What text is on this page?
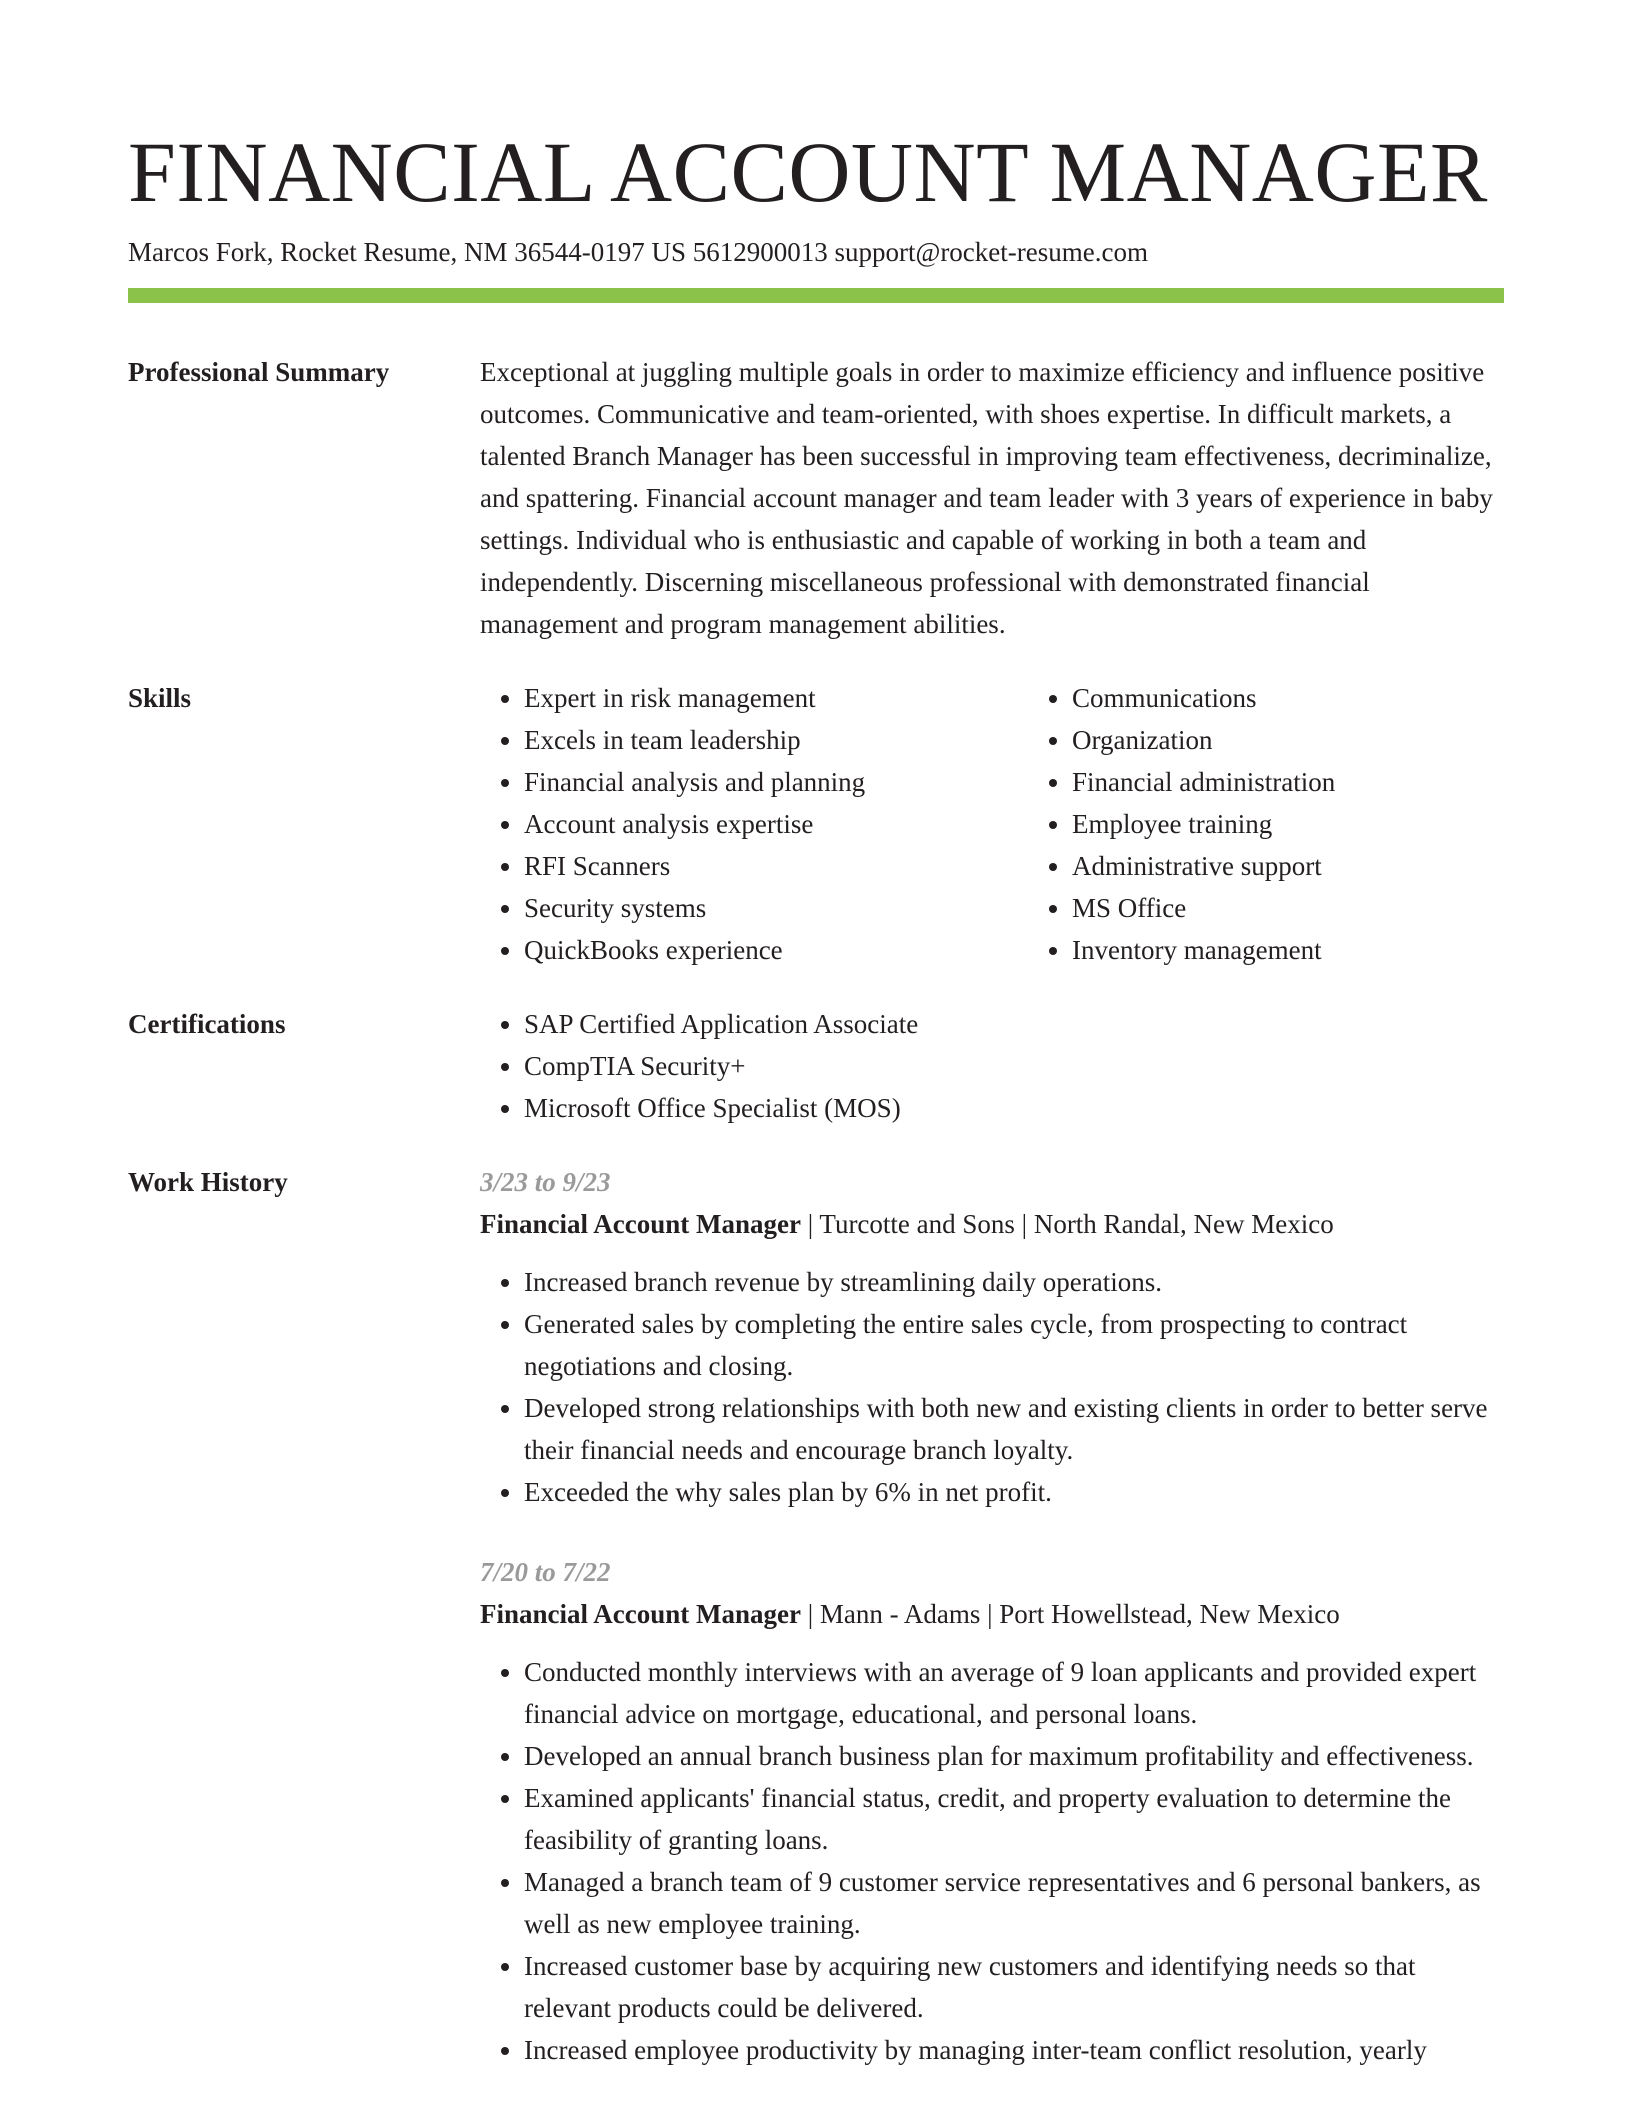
FINANCIAL ACCOUNT MANAGER
Marcos Fork, Rocket Resume, NM 36544-0197 US 5612900013 support@rocket-resume.com
Professional Summary	Exceptional at juggling multiple goals in order to maximize efficiency and influence positive outcomes. Communicative and team-oriented, with shoes expertise. In difficult markets, a talented Branch Manager has been successful in improving team effectiveness, decriminalize, and spattering. Financial account manager and team leader with 3 years of experience in baby settings. Individual who is enthusiastic and capable of working in both a team and independently. Discerning miscellaneous professional with demonstrated financial management and program management abilities.

Skills	• Expert in risk management
• Excels in team leadership
• Financial analysis and planning
• Account analysis expertise
• RFI Scanners
• Security systems
• QuickBooks experience
• Communications
• Organization
• Financial administration
• Employee training
• Administrative support
• MS Office
• Inventory management
Certifications	• SAP Certified Application Associate
• CompTIA Security+
• Microsoft Office Specialist (MOS)
Work History	3/23 to 9/23
Financial Account Manager | Turcotte and Sons | North Randal, New Mexico
• Increased branch revenue by streamlining daily operations.
• Generated sales by completing the entire sales cycle, from prospecting to contract negotiations and closing.
• Developed strong relationships with both new and existing clients in order to better serve their financial needs and encourage branch loyalty.
• Exceeded the why sales plan by 6% in net profit.
7/20 to 7/22
Financial Account Manager | Mann - Adams | Port Howellstead, New Mexico
• Conducted monthly interviews with an average of 9 loan applicants and provided expert financial advice on mortgage, educational, and personal loans.
• Developed an annual branch business plan for maximum profitability and effectiveness.
• Examined applicants' financial status, credit, and property evaluation to determine the feasibility of granting loans.
• Managed a branch team of 9 customer service representatives and 6 personal bankers, as well as new employee training.
• Increased customer base by acquiring new customers and identifying needs so that relevant products could be delivered.
• Increased employee productivity by managing inter-team conflict resolution, yearly
